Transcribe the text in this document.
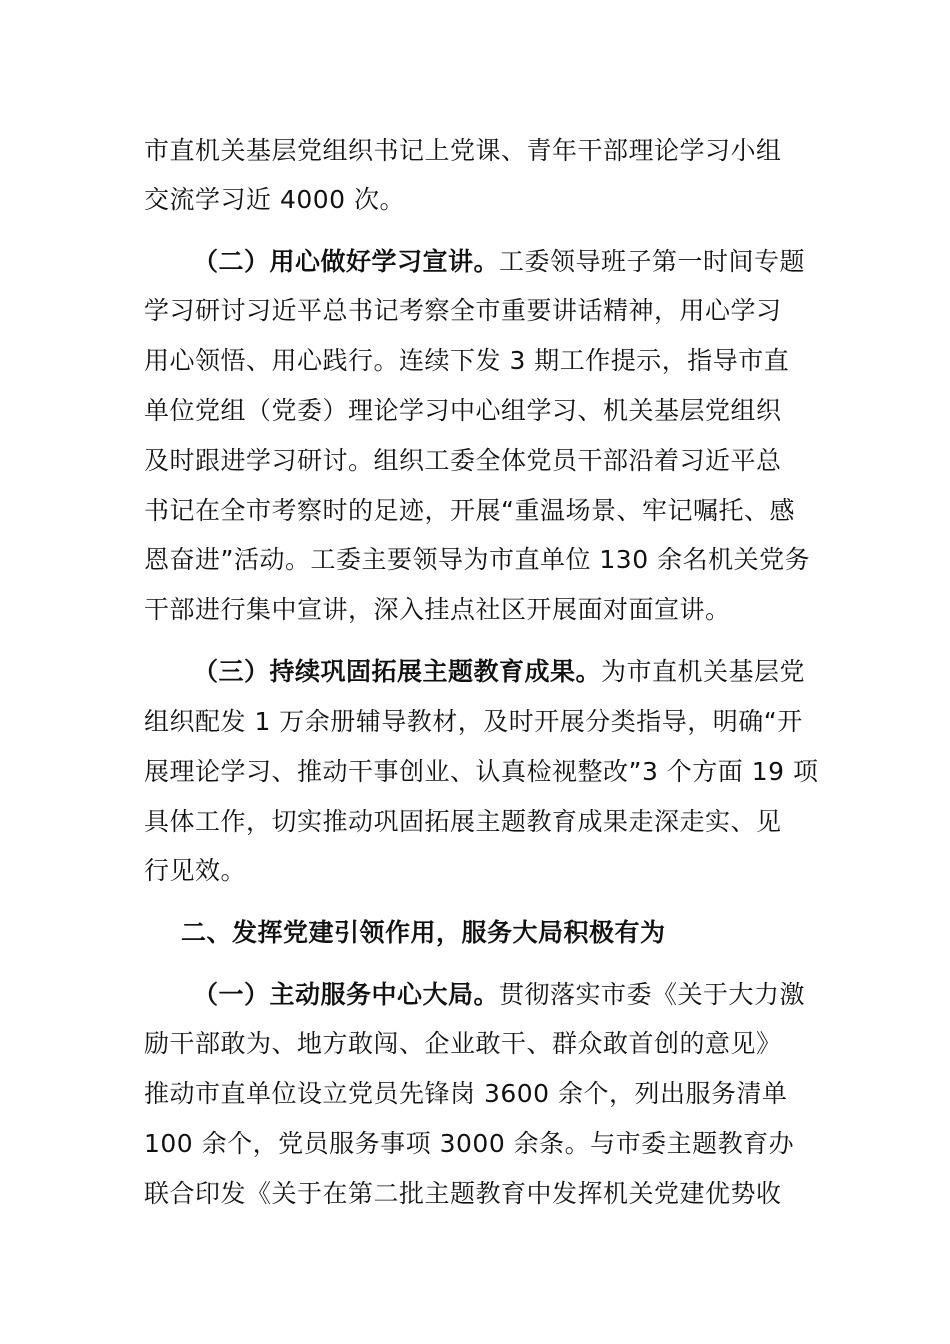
市直机关基层党组织书记上党课、青年干部理论学习小组
交流学习近 4000 次。
（二）用心做好学习宣讲。工委领导班子第一时间专题
学习研讨习近平总书记考察全市重要讲话精神，用心学习
用心领悟、用心践行。连续下发 3 期工作提示，指导市直
单位党组（党委）理论学习中心组学习、机关基层党组织
及时跟进学习研讨。组织工委全体党员干部沿着习近平总
书记在全市考察时的足迹，开展“重温场景、牢记嘱托、感
恩奋进”活动。工委主要领导为市直单位 130 余名机关党务
干部进行集中宣讲，深入挂点社区开展面对面宣讲。
（三）持续巩固拓展主题教育成果。为市直机关基层党
组织配发 1 万余册辅导教材，及时开展分类指导，明确“开
展理论学习、推动干事创业、认真检视整改”3 个方面 19 项
具体工作，切实推动巩固拓展主题教育成果走深走实、见
行见效。
二、发挥党建引领作用，服务大局积极有为
（一）主动服务中心大局。贯彻落实市委《关于大力激
励干部敢为、地方敢闯、企业敢干、群众敢首创的意见》
推动市直单位设立党员先锋岗 3600 余个，列出服务清单
100 余个，党员服务事项 3000 余条。与市委主题教育办
联合印发《关于在第二批主题教育中发挥机关党建优势收
